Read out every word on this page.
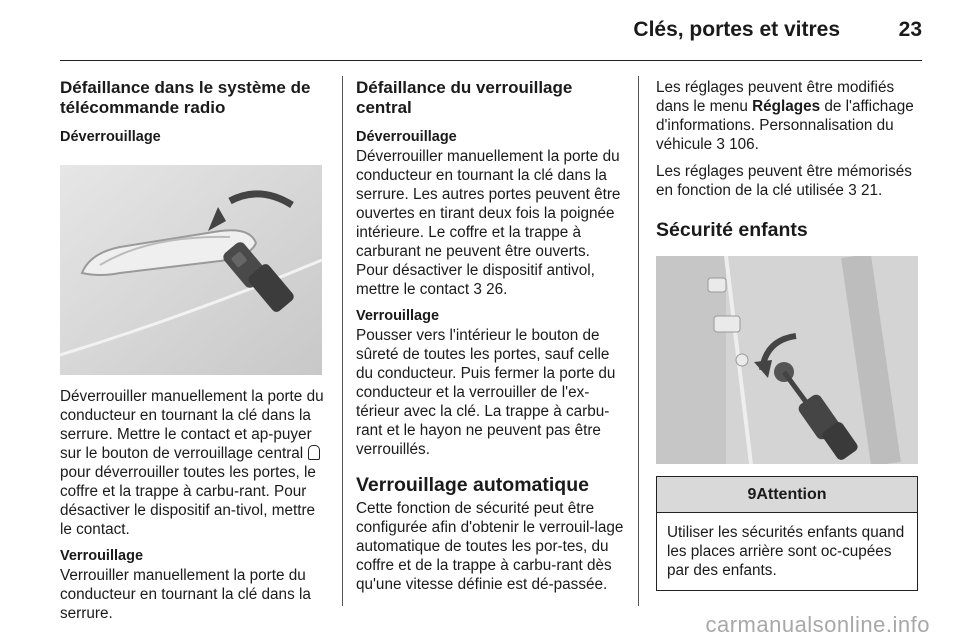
Clés, portes et vitres	23
Défaillance dans le système de télécommande radio
Déverrouillage

Déverrouiller manuellement la porte du conducteur en tournant la clé dans la serrure. Mettre le contact et ap-puyer sur le bouton de verrouillage central  pour déverrouiller toutes les portes, le coffre et la trappe à carbu-rant. Pour désactiver le dispositif an-tivol, mettre le contact.

Verrouillage

Verrouiller manuellement la porte du conducteur en tournant la clé dans la serrure.

Défaillance du verrouillage central
Déverrouillage

Déverrouiller manuellement la porte du conducteur en tournant la clé dans la serrure. Les autres portes peuvent être ouvertes en tirant deux fois la poignée intérieure. Le coffre et la trappe à carburant ne peuvent être ouverts. Pour désactiver le dispositif antivol, mettre le contact 3 26.

Verrouillage

Pousser vers l'intérieur le bouton de sûreté de toutes les portes, sauf celle du conducteur. Puis fermer la porte du conducteur et la verrouiller de l'ex-térieur avec la clé. La trappe à carbu-rant et le hayon ne peuvent pas être verrouillés.

Verrouillage automatique

Cette fonction de sécurité peut être configurée afin d'obtenir le verrouil-lage automatique de toutes les por-tes, du coffre et de la trappe à carbu-rant dès qu'une vitesse définie est dé-passée.

Les réglages peuvent être modifiés dans le menu Réglages de l'affichage d'informations. Personnalisation du véhicule 3 106.

Les réglages peuvent être mémorisés en fonction de la clé utilisée 3 21.

Sécurité enfants
9Attention
Utiliser les sécurités enfants quand les places arrière sont oc-cupées par des enfants.
carmanualsonline.info
